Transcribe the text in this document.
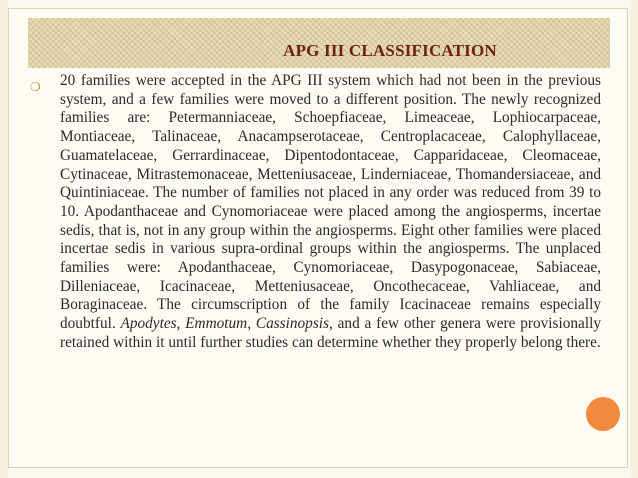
APG III CLASSIFICATION
❍ 20 families were accepted in the APG III system which had not been in the previous system, and a few families were moved to a different position. The newly recognized families are: Petermanniaceae, Schoepfiaceae, Limeaceae, Lophiocarpaceae, Montiaceae, Talinaceae, Anacampserotaceae, Centroplacaceae, Calophyllaceae, Guamatelaceae, Gerrardinaceae, Dipentodontaceae, Capparidaceae, Cleomaceae, Cytinaceae, Mitrastemonaceae, Metteniusaceae, Linderniaceae, Thomandersiaceae, and Quintiniaceae. The number of families not placed in any order was reduced from 39 to 10. Apodanthaceae and Cynomoriaceae were placed among the angiosperms, incertae sedis, that is, not in any group within the angiosperms. Eight other families were placed incertae sedis in various supra-ordinal groups within the angiosperms. The unplaced families were: Apodanthaceae, Cynomoriaceae, Dasypogonaceae, Sabiaceae, Dilleniaceae, Icacinaceae, Metteniusaceae, Oncothecaceae, Vahliaceae, and Boraginaceae. The circumscription of the family Icacinaceae remains especially doubtful. Apodytes, Emmotum, Cassinopsis, and a few other genera were provisionally retained within it until further studies can determine whether they properly belong there.
